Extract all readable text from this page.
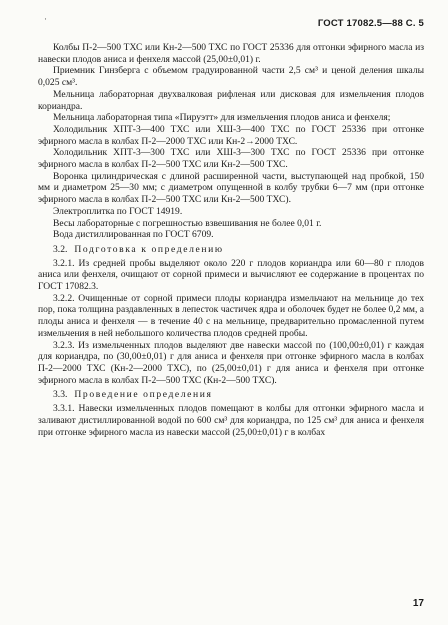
·	ГОСТ 17082.5—88 С. 5

Колбы П-2—500 ТХС или Кн-2—500 ТХС по ГОСТ 25336 для отгонки эфирного масла из навески плодов аниса и фенхеля массой (25,00±0,01) г.

Приемник Гинзберга с объемом градуированной части 2,5 см³ и ценой деления шкалы 0,025 см³.

Мельница лабораторная двухвалковая рифленая или дисковая для измельчения плодов кориандра.

Мельница лабораторная типа «Пируэтт» для измельчения плодов аниса и фенхеля;

Холодильник ХПТ-3—400 ТХС или ХШ-3—400 ТХС по ГОСТ 25336 при отгонке эфирного масла в колбах П-2—2000 ТХС или Кн-2→2000 ТХС.

Холодильник ХПТ-3—300 ТХС или ХШ-3—300 ТХС по ГОСТ 25336 при отгонке эфирного масла в колбах П-2—500 ТХС или Кн-2—500 ТХС.

Воронка цилиндрическая с длиной расширенной части, выступающей над пробкой, 150 мм и диаметром 25—30 мм; с диаметром опущенной в колбу трубки 6—7 мм (при отгонке эфирного масла в колбах П-2—500 ТХС или Кн-2—500 ТХС).

Электроплитка по ГОСТ 14919.

Весы лабораторные с погрешностью взвешивания не более 0,01 г.

Вода дистиллированная по ГОСТ 6709.

3.2. Подготовка к определению

3.2.1. Из средней пробы выделяют около 220 г плодов кориандра или 60—80 г плодов аниса или фенхеля, очищают от сорной примеси и вычисляют ее содержание в процентах по ГОСТ 17082.3.

3.2.2. Очищенные от сорной примеси плоды кориандра измельчают на мельнице до тех пор, пока толщина раздавленных в лепесток частичек ядра и оболочек будет не более 0,2 мм, а плоды аниса и фенхеля — в течение 40 с на мельнице, предварительно промасленной путем измельчения в ней небольшого количества плодов средней пробы.

3.2.3. Из измельченных плодов выделяют две навески массой по (100,00±0,01) г каждая для кориандра, по (30,00±0,01) г для аниса и фенхеля при отгонке эфирного масла в колбах П-2—2000 ТХС (Кн-2—2000 ТХС), по (25,00±0,01) г для аниса и фенхеля при отгонке эфирного масла в колбах П-2—500 ТХС (Кн-2—500 ТХС).

3.3. Проведение определения

3.3.1. Навески измельченных плодов помещают в колбы для отгонки эфирного масла и заливают дистиллированной водой по 600 см³ для кориандра, по 125 см³ для аниса и фенхеля при отгонке эфирного масла из навески массой (25,00±0,01) г в колбах

17
